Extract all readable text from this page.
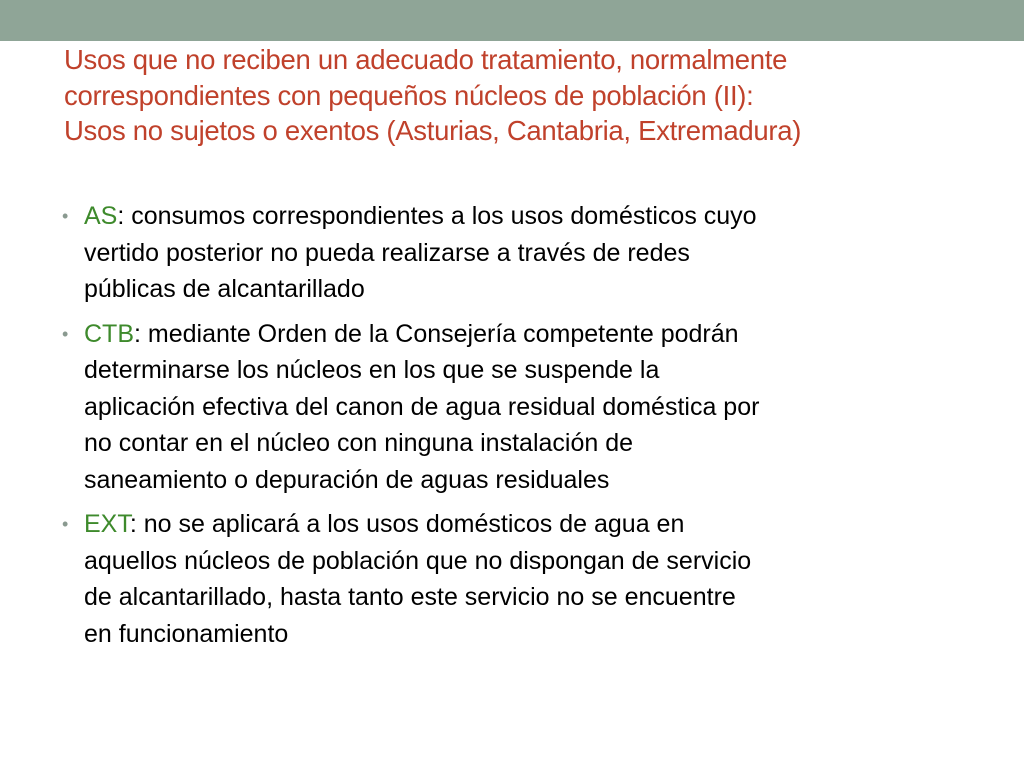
Usos que no reciben un adecuado tratamiento, normalmente
correspondientes con pequeños núcleos de población (II):
Usos no sujetos o exentos (Asturias, Cantabria, Extremadura)
• AS: consumos correspondientes a los usos domésticos cuyo
vertido posterior no pueda realizarse a través de redes
públicas de alcantarillado
• CTB: mediante Orden de la Consejería competente podrán
determinarse los núcleos en los que se suspende la
aplicación efectiva del canon de agua residual doméstica por
no contar en el núcleo con ninguna instalación de
saneamiento o depuración de aguas residuales
• EXT: no se aplicará a los usos domésticos de agua en
aquellos núcleos de población que no dispongan de servicio
de alcantarillado, hasta tanto este servicio no se encuentre
en funcionamiento
